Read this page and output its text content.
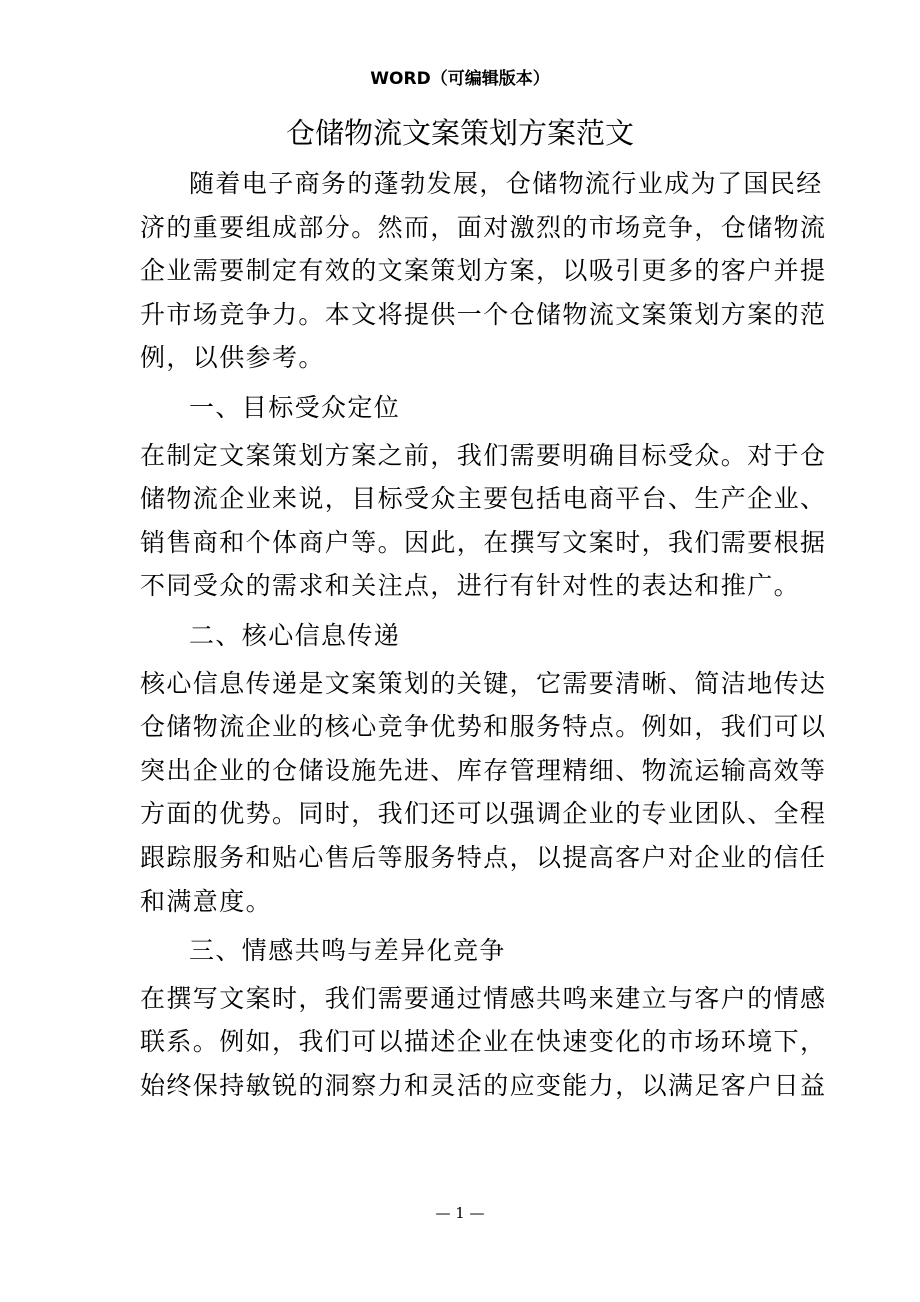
WORD（可编辑版本）
仓储物流文案策划方案范文
随着电子商务的蓬勃发展，仓储物流行业成为了国民经
济的重要组成部分。然而，面对激烈的市场竞争，仓储物流
企业需要制定有效的文案策划方案，以吸引更多的客户并提
升市场竞争力。本文将提供一个仓储物流文案策划方案的范
例，以供参考。
一、目标受众定位
在制定文案策划方案之前，我们需要明确目标受众。对于仓
储物流企业来说，目标受众主要包括电商平台、生产企业、
销售商和个体商户等。因此，在撰写文案时，我们需要根据
不同受众的需求和关注点，进行有针对性的表达和推广。
二、核心信息传递
核心信息传递是文案策划的关键，它需要清晰、简洁地传达
仓储物流企业的核心竞争优势和服务特点。例如，我们可以
突出企业的仓储设施先进、库存管理精细、物流运输高效等
方面的优势。同时，我们还可以强调企业的专业团队、全程
跟踪服务和贴心售后等服务特点，以提高客户对企业的信任
和满意度。
三、情感共鸣与差异化竞争
在撰写文案时，我们需要通过情感共鸣来建立与客户的情感
联系。例如，我们可以描述企业在快速变化的市场环境下，
始终保持敏锐的洞察力和灵活的应变能力，以满足客户日益
— 1 —
